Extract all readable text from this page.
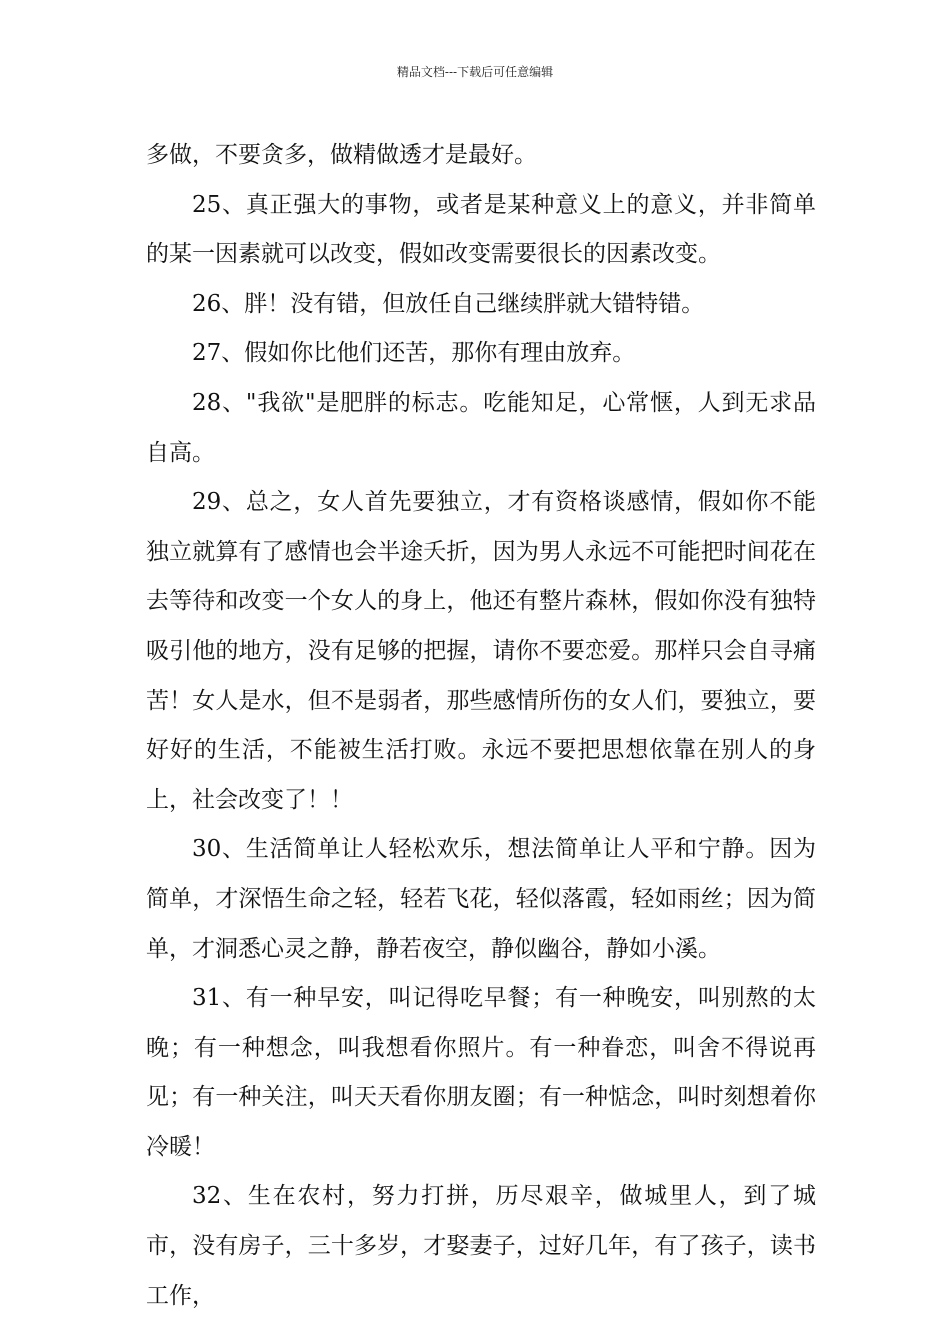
精品文档---下载后可任意编辑

多做，不要贪多，做精做透才是最好。

25、真正强大的事物，或者是某种意义上的意义，并非简单的某一因素就可以改变，假如改变需要很长的因素改变。

26、胖！没有错，但放任自己继续胖就大错特错。

27、假如你比他们还苦，那你有理由放弃。

28、"我欲"是肥胖的标志。吃能知足，心常惬，人到无求品自高。

29、总之，女人首先要独立，才有资格谈感情，假如你不能独立就算有了感情也会半途夭折，因为男人永远不可能把时间花在去等待和改变一个女人的身上，他还有整片森林，假如你没有独特吸引他的地方，没有足够的把握，请你不要恋爱。那样只会自寻痛苦！女人是水，但不是弱者，那些感情所伤的女人们，要独立，要好好的生活，不能被生活打败。永远不要把思想依靠在别人的身上，社会改变了！！

30、生活简单让人轻松欢乐，想法简单让人平和宁静。因为简单，才深悟生命之轻，轻若飞花，轻似落霞，轻如雨丝；因为简单，才洞悉心灵之静，静若夜空，静似幽谷，静如小溪。

31、有一种早安，叫记得吃早餐；有一种晚安，叫别熬的太晚；有一种想念，叫我想看你照片。有一种眷恋，叫舍不得说再见；有一种关注，叫天天看你朋友圈；有一种惦念，叫时刻想着你冷暖！

32、生在农村，努力打拼，历尽艰辛，做城里人，到了城市，没有房子，三十多岁，才娶妻子，过好几年，有了孩子，读书工作，
